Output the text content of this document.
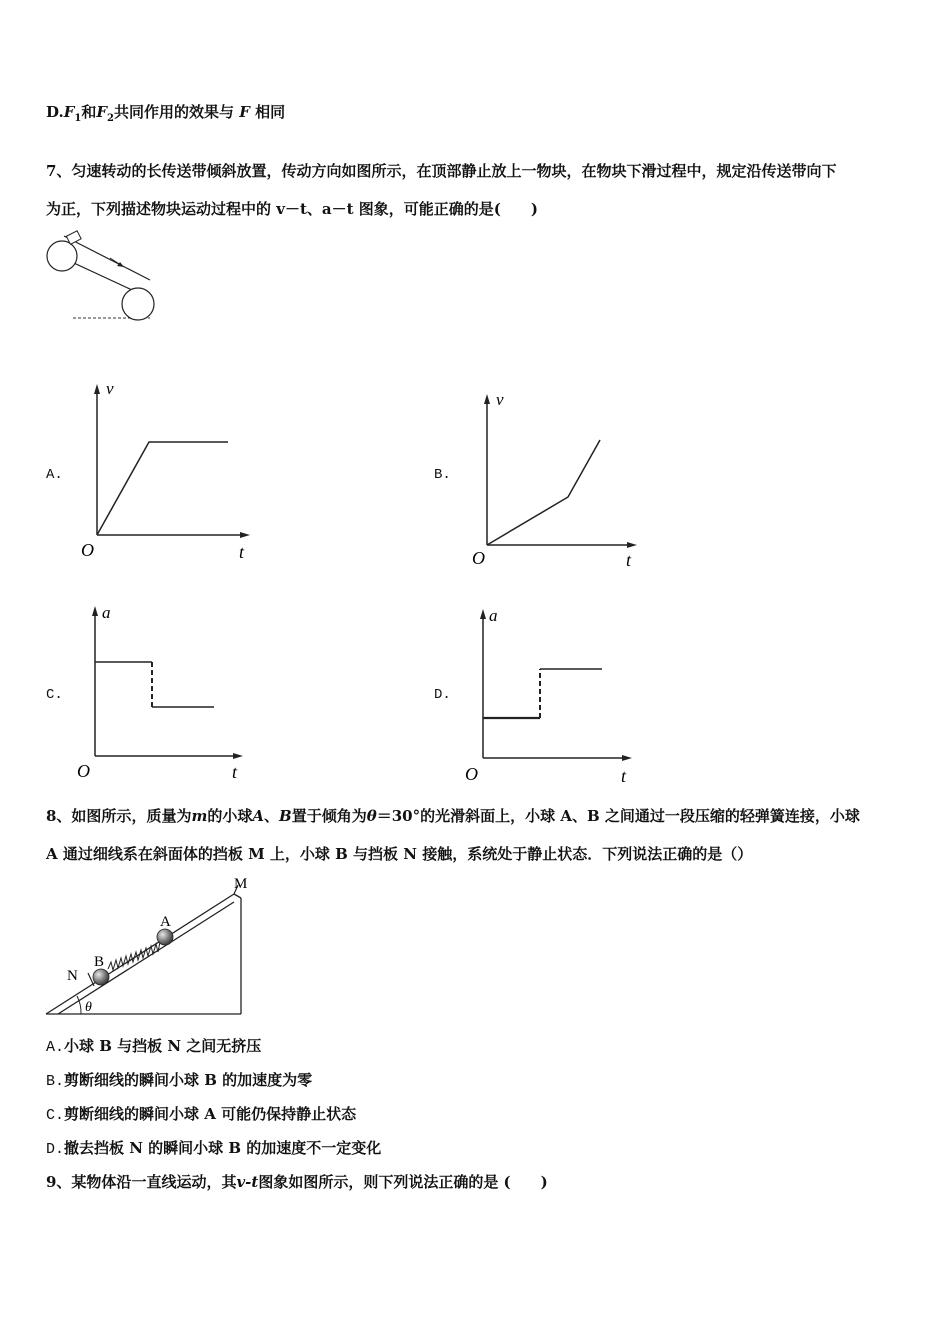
$D.F_1$和$F_2$共同作用的效果与 F 相同
7、匀速转动的长传送带倾斜放置，传动方向如图所示，在顶部静止放上一物块，在物块下滑过程中，规定沿传送带向下
为正，下列描述物块运动过程中的 v－t、a－t 图象，可能正确的是(　　)
A.
v
t
O
B.
v
t
O
C.
a
t
O
D.
a
t
O
8、如图所示，质量为m的小球A、B置于倾角为θ＝30°的光滑斜面上，小球 A、B 之间通过一段压缩的轻弹簧连接，小球
A 通过细线系在斜面体的挡板 M 上，小球 B 与挡板 N 接触，系统处于静止状态．下列说法正确的是（）
M
N
B
A
θ
A.小球 B 与挡板 N 之间无挤压
B.剪断细线的瞬间小球 B 的加速度为零
C.剪断细线的瞬间小球 A 可能仍保持静止状态
D.撤去挡板 N 的瞬间小球 B 的加速度不一定变化
9、某物体沿一直线运动，其v-t图象如图所示，则下列说法正确的是 (　　)
